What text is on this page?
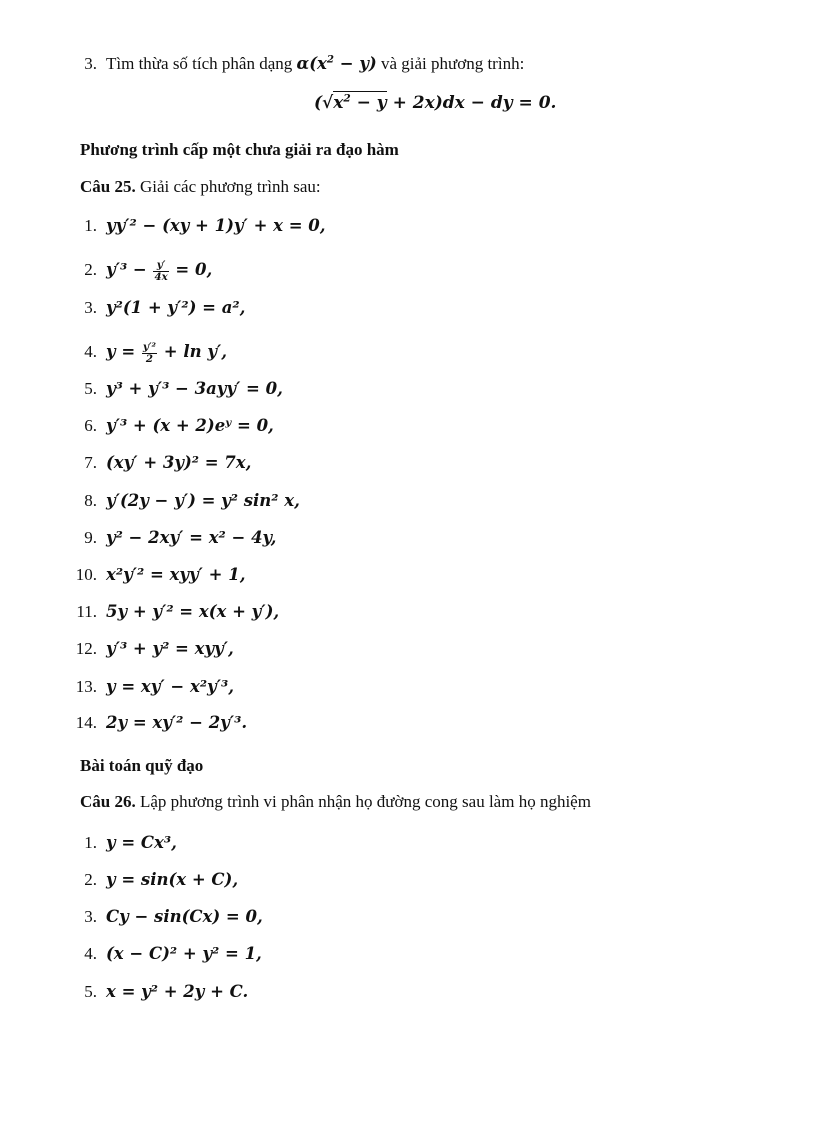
3. Tìm thừa số tích phân dạng $\alpha(x^2 - y)$ và giải phương trình:
$(√x^2 - y + 2x)dx$ − dy = 0.
Phương trình cấp một chưa giải ra đạo hàm
Câu 25. Giải các phương trình sau:
1. yy′² − (xy + 1)y′ + x = 0,
2. $y'^3 - \frac{y'}{4x} = 0$,
3. y²(1 + y′²) = a²,
4. $y = \frac{\text{y′²}}{2} + \ln y'$,
5. y³ + y′³ − 3ayy′ = 0,
6. y′³ + (x + 2)eʸ = 0,
7. (xy′ + 3y)² = 7x,
8. y′(2y − y′) = y² sin² x,
9. y² − 2xy′ = x² − 4y,
10. x²y′² = xyy′ + 1,
11. 5y + y′² = x(x + y′),
12. y′³ + y² = xyy′,
13. y = xy′ − x²y′³,
14. 2y = xy′² − 2y′³.
Bài toán quỹ đạo
Câu 26. Lập phương trình vi phân nhận họ đường cong sau làm họ nghiệm
1. y = Cx³,
2. y = sin(x + C),
3. Cy − sin(Cx) = 0,
4. (x − C)² + y² = 1,
5. x = y² + 2y + C.
